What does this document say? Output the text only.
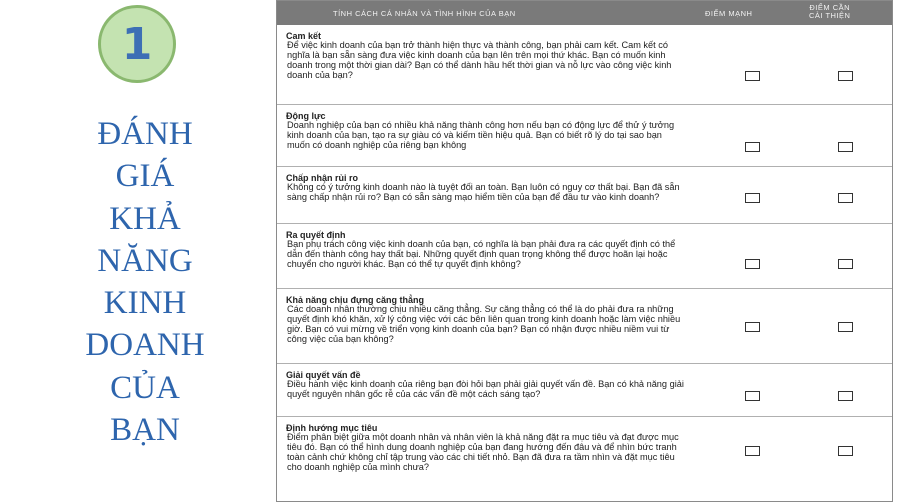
1
ĐÁNH
GIÁ
KHẢ
NĂNG
KINH
DOANH
CỦA
BẠN
TÍNH CÁCH CÁ NHÂN VÀ TÌNH HÌNH CỦA BẠN	ĐIỂM MẠNH
ĐIỂM CẦN
CẢI THIỆN
Cam kết
Để việc kinh doanh của bạn trở thành hiện thực và thành công, bạn phải cam kết. Cam kết có nghĩa là bạn sẵn sàng đưa việc kinh doanh của bạn lên trên mọi thứ khác. Bạn có muốn kinh doanh trong một thời gian dài? Bạn có thể dành hầu hết thời gian và nỗ lực vào công việc kinh doanh của bạn?
Động lực
Doanh nghiệp của bạn có nhiều khả năng thành công hơn nếu bạn có động lực để thử ý tưởng kinh doanh của bạn, tạo ra sự giàu có và kiếm tiền hiệu quả. Bạn có biết rõ lý do tại sao bạn muốn có doanh nghiệp của riêng bạn không
Chấp nhận rủi ro
Không có ý tưởng kinh doanh nào là tuyệt đối an toàn. Bạn luôn có nguy cơ thất bại. Bạn đã sẵn sàng chấp nhận rủi ro? Bạn có sẵn sàng mạo hiểm tiền của bạn để đầu tư vào kinh doanh?
Ra quyết định
Bạn phụ trách công việc kinh doanh của bạn, có nghĩa là bạn phải đưa ra các quyết định có thể dẫn đến thành công hay thất bại. Những quyết định quan trọng không thể được hoãn lại hoặc chuyển cho người khác. Bạn có thể tự quyết định không?
Khả năng chịu đựng căng thẳng
Các doanh nhân thường chịu nhiều căng thẳng. Sự căng thẳng có thể là do phải đưa ra những quyết định khó khăn, xử lý công việc với các bên liên quan trong kinh doanh hoặc làm việc nhiều giờ. Bạn có vui mừng về triển vọng kinh doanh của bạn? Bạn có nhận được nhiều niềm vui từ công việc của bạn không?
Giải quyết vấn đề
Điều hành việc kinh doanh của riêng bạn đòi hỏi bạn phải giải quyết vấn đề. Bạn có khả năng giải quyết nguyên nhân gốc rễ của các vấn đề một cách sáng tạo?
Định hướng mục tiêu
Điểm phân biệt giữa một doanh nhân và nhân viên là khả năng đặt ra mục tiêu và đạt được mục tiêu đó. Bạn có thể hình dung doanh nghiệp của bạn đang hướng đến đâu và để nhìn bức tranh toàn cảnh chứ không chỉ tập trung vào các chi tiết nhỏ. Bạn đã đưa ra tầm nhìn và đặt mục tiêu cho doanh nghiệp của mình chưa?
